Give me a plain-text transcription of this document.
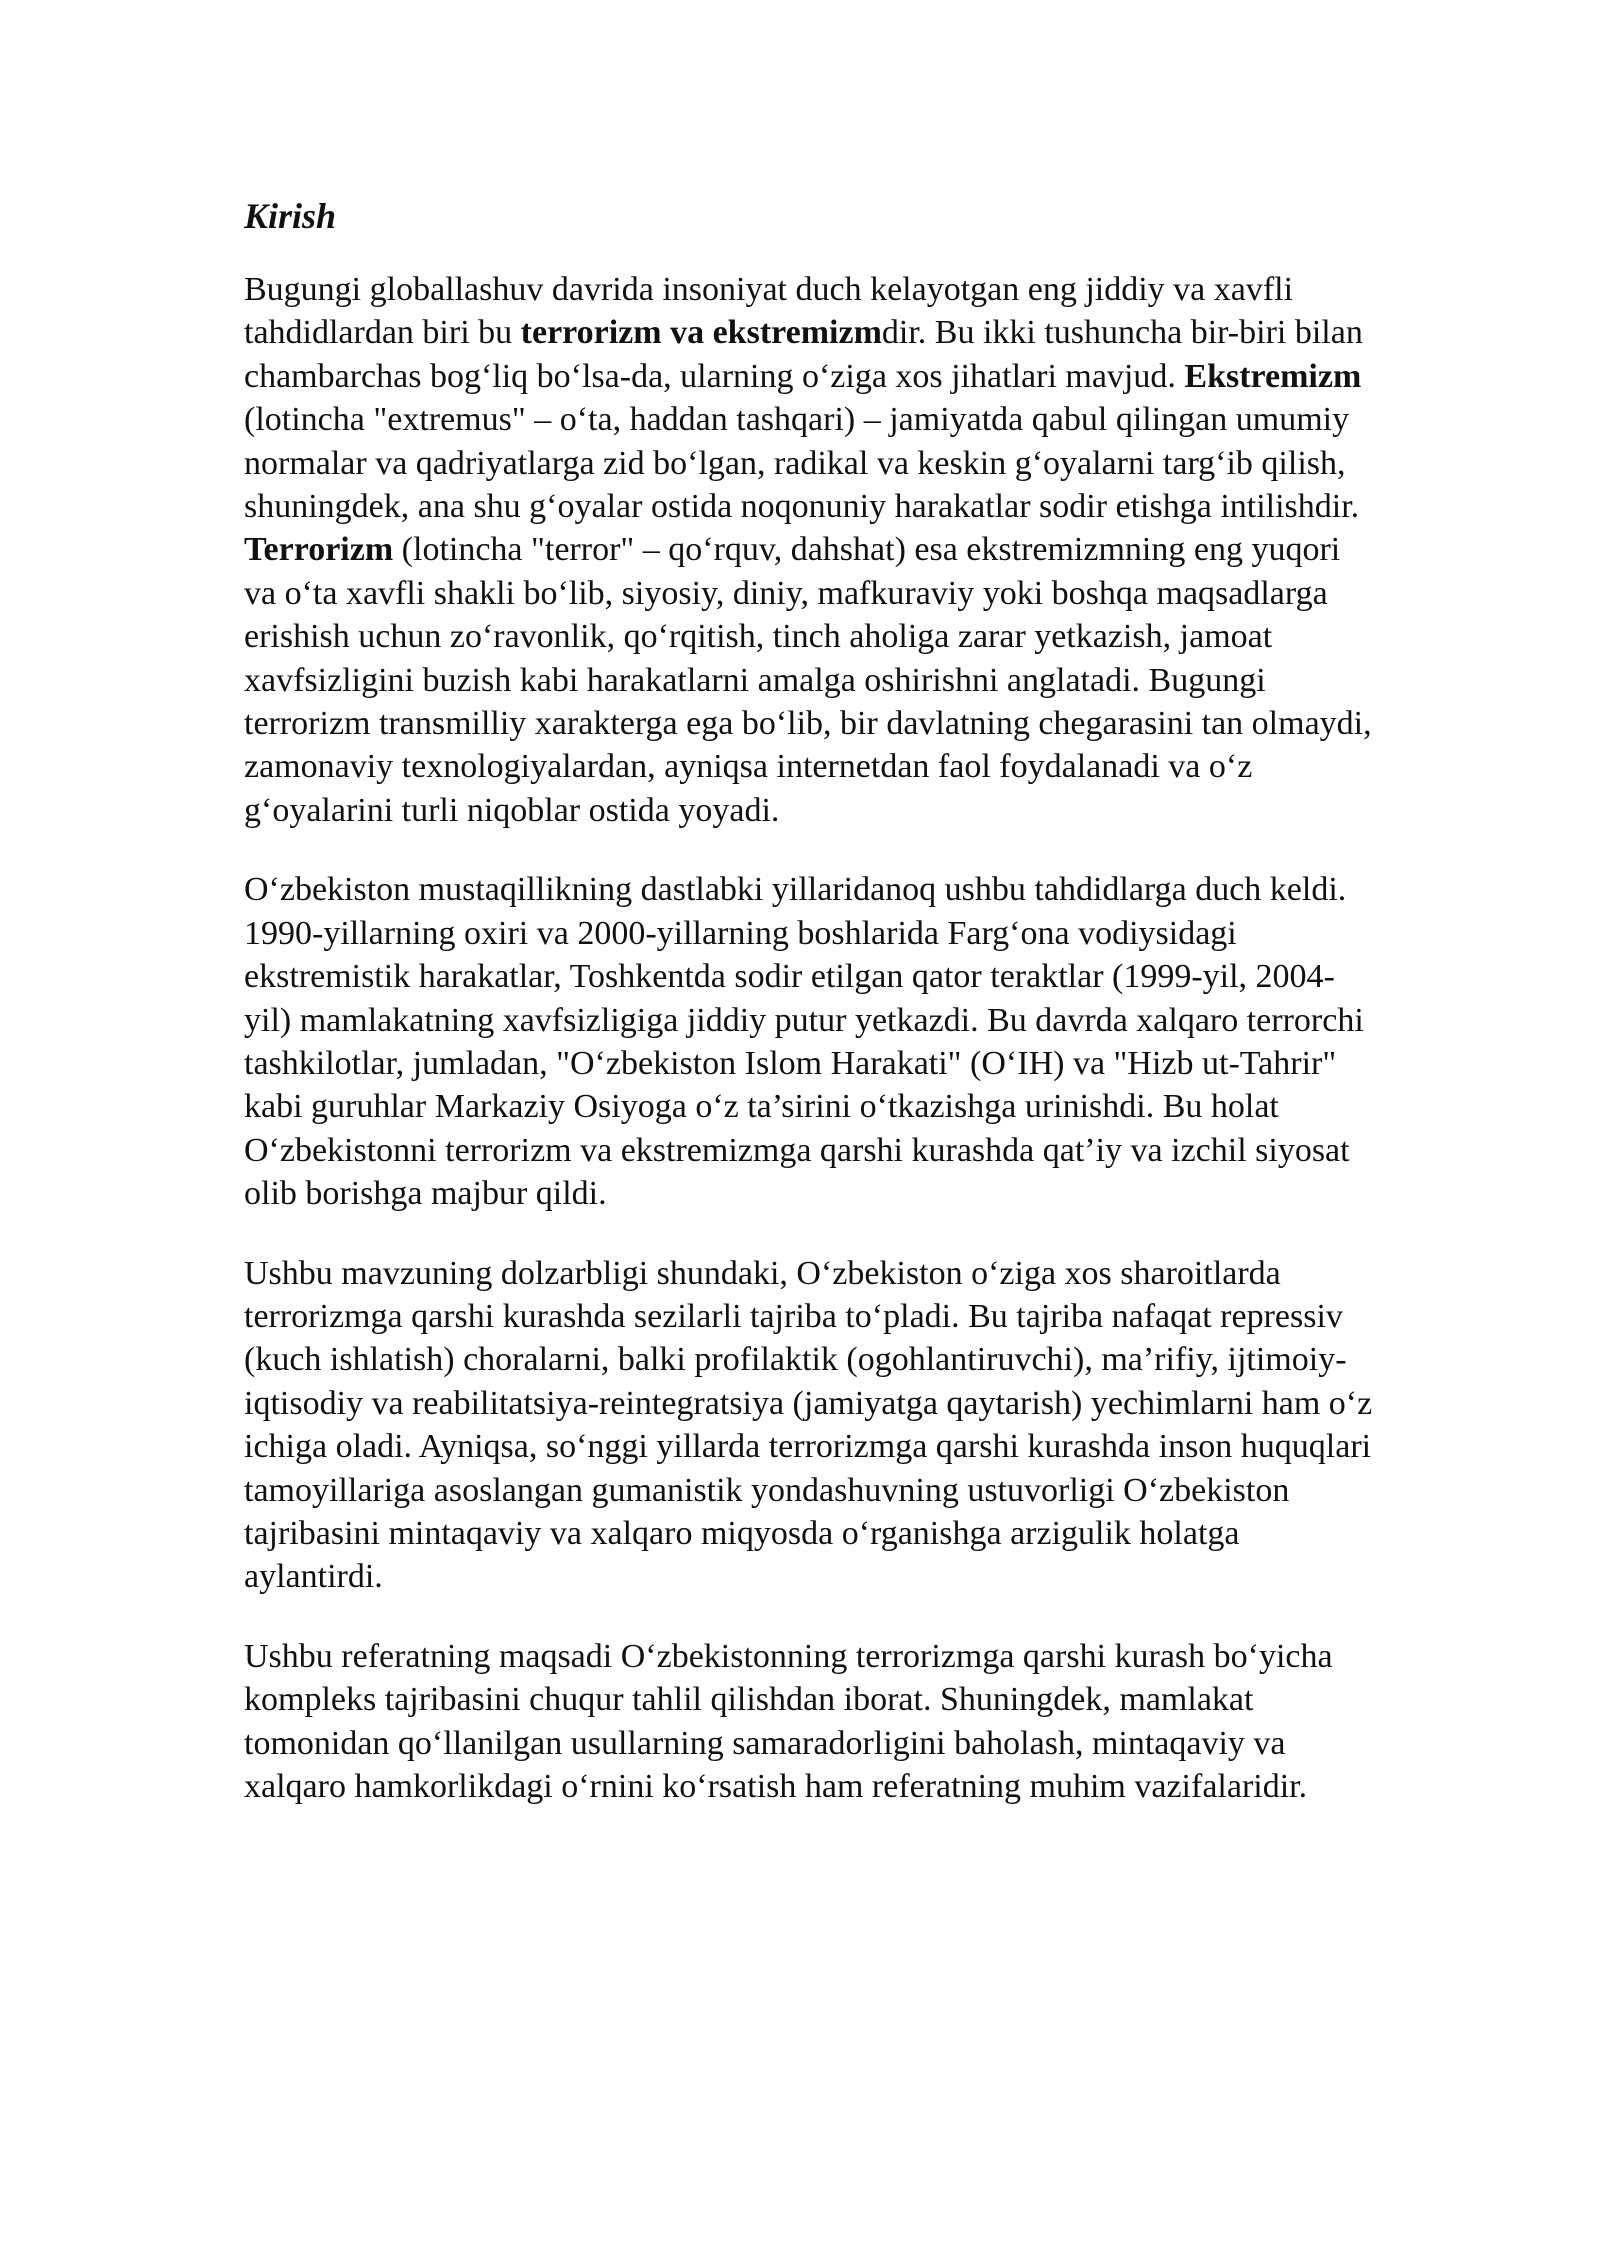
Kirish

Bugungi globallashuv davrida insoniyat duch kelayotgan eng jiddiy va xavfli tahdidlardan biri bu terrorizm va ekstremizmdir. Bu ikki tushuncha bir-biri bilan chambarchas bog‘liq bo‘lsa-da, ularning o‘ziga xos jihatlari mavjud. Ekstremizm (lotincha "extremus" – o‘ta, haddan tashqari) – jamiyatda qabul qilingan umumiy normalar va qadriyatlarga zid bo‘lgan, radikal va keskin g‘oyalarni targ‘ib qilish, shuningdek, ana shu g‘oyalar ostida noqonuniy harakatlar sodir etishga intilishdir. Terrorizm (lotincha "terror" – qo‘rquv, dahshat) esa ekstremizmning eng yuqori va o‘ta xavfli shakli bo‘lib, siyosiy, diniy, mafkuraviy yoki boshqa maqsadlarga erishish uchun zo‘ravonlik, qo‘rqitish, tinch aholiga zarar yetkazish, jamoat xavfsizligini buzish kabi harakatlarni amalga oshirishni anglatadi. Bugungi terrorizm transmilliy xarakterga ega bo‘lib, bir davlatning chegarasini tan olmaydi, zamonaviy texnologiyalardan, ayniqsa internetdan faol foydalanadi va o‘z g‘oyalarini turli niqoblar ostida yoyadi.

O‘zbekiston mustaqillikning dastlabki yillaridanoq ushbu tahdidlarga duch keldi. 1990-yillarning oxiri va 2000-yillarning boshlarida Farg‘ona vodiysidagi ekstremistik harakatlar, Toshkentda sodir etilgan qator teraktlar (1999-yil, 2004-yil) mamlakatning xavfsizligiga jiddiy putur yetkazdi. Bu davrda xalqaro terrorchi tashkilotlar, jumladan, "O‘zbekiston Islom Harakati" (O‘IH) va "Hizb ut-Tahrir" kabi guruhlar Markaziy Osiyoga o‘z ta’sirini o‘tkazishga urinishdi. Bu holat O‘zbekistonni terrorizm va ekstremizmga qarshi kurashda qat’iy va izchil siyosat olib borishga majbur qildi.

Ushbu mavzuning dolzarbligi shundaki, O‘zbekiston o‘ziga xos sharoitlarda terrorizmga qarshi kurashda sezilarli tajriba to‘pladi. Bu tajriba nafaqat repressiv (kuch ishlatish) choralarni, balki profilaktik (ogohlantiruvchi), ma’rifiy, ijtimoiy-iqtisodiy va reabilitatsiya-reintegratsiya (jamiyatga qaytarish) yechimlarni ham o‘z ichiga oladi. Ayniqsa, so‘nggi yillarda terrorizmga qarshi kurashda inson huquqlari tamoyillariga asoslangan gumanistik yondashuvning ustuvorligi O‘zbekiston tajribasini mintaqaviy va xalqaro miqyosda o‘rganishga arzigulik holatga aylantirdi.

Ushbu referatning maqsadi O‘zbekistonning terrorizmga qarshi kurash bo‘yicha kompleks tajribasini chuqur tahlil qilishdan iborat. Shuningdek, mamlakat tomonidan qo‘llanilgan usullarning samaradorligini baholash, mintaqaviy va xalqaro hamkorlikdagi o‘rnini ko‘rsatish ham referatning muhim vazifalaridir.
